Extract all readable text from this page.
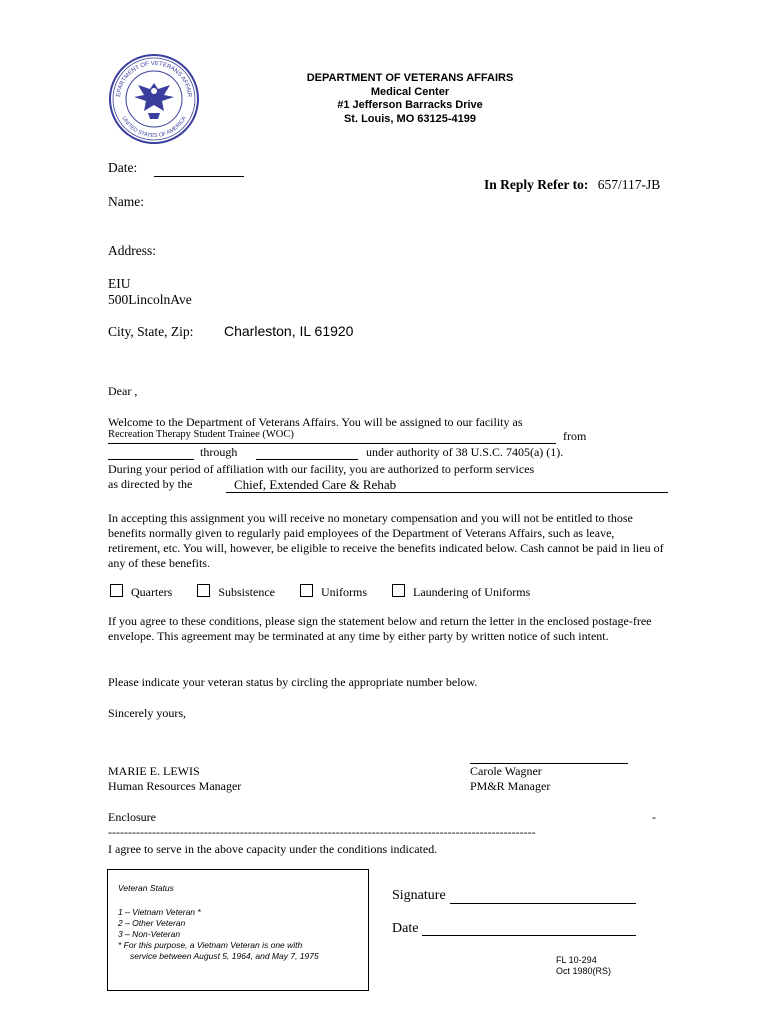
EPARTMENT OF VETERANS AFFAIR
UNITED STATES OF AMERICA
DEPARTMENT OF VETERANS AFFAIRS
Medical Center
#1 Jefferson Barracks Drive
St. Louis, MO 63125-4199
Date:
In Reply Refer to: 657/117-JB
Name:
Address:
EIU
500LincolnAve
City, State, Zip: Charleston, IL 61920
Dear ,
Welcome to the Department of Veterans Affairs. You will be assigned to our facility as
Recreation Therapy Student Trainee (WOC)	from
through	under authority of 38 U.S.C. 7405(a) (1).
During your period of affiliation with our facility, you are authorized to perform services
as directed by the	Chief, Extended Care & Rehab
In accepting this assignment you will receive no monetary compensation and you will not be entitled to those benefits normally given to regularly paid employees of the Department of Veterans Affairs, such as leave, retirement, etc. You will, however, be eligible to receive the benefits indicated below. Cash cannot be paid in lieu of any of these benefits.
Quarters	Subsistence	Uniforms	Laundering of Uniforms
If you agree to these conditions, please sign the statement below and return the letter in the enclosed postage-free envelope. This agreement may be terminated at any time by either party by written notice of such intent.
Please indicate your veteran status by circling the appropriate number below.
Sincerely yours,
MARIE E. LEWIS
Human Resources Manager
Carole Wagner
PM&R Manager
Enclosure	-
-----------------------------------------------------------------------------------------------------------
I agree to serve in the above capacity under the conditions indicated.
Veteran Status
1 – Vietnam Veteran *
2 – Other Veteran
3 – Non-Veteran
* For this purpose, a Vietnam Veteran is one with
service between August 5, 1964, and May 7, 1975
Signature
Date
FL 10-294
Oct 1980(RS)
